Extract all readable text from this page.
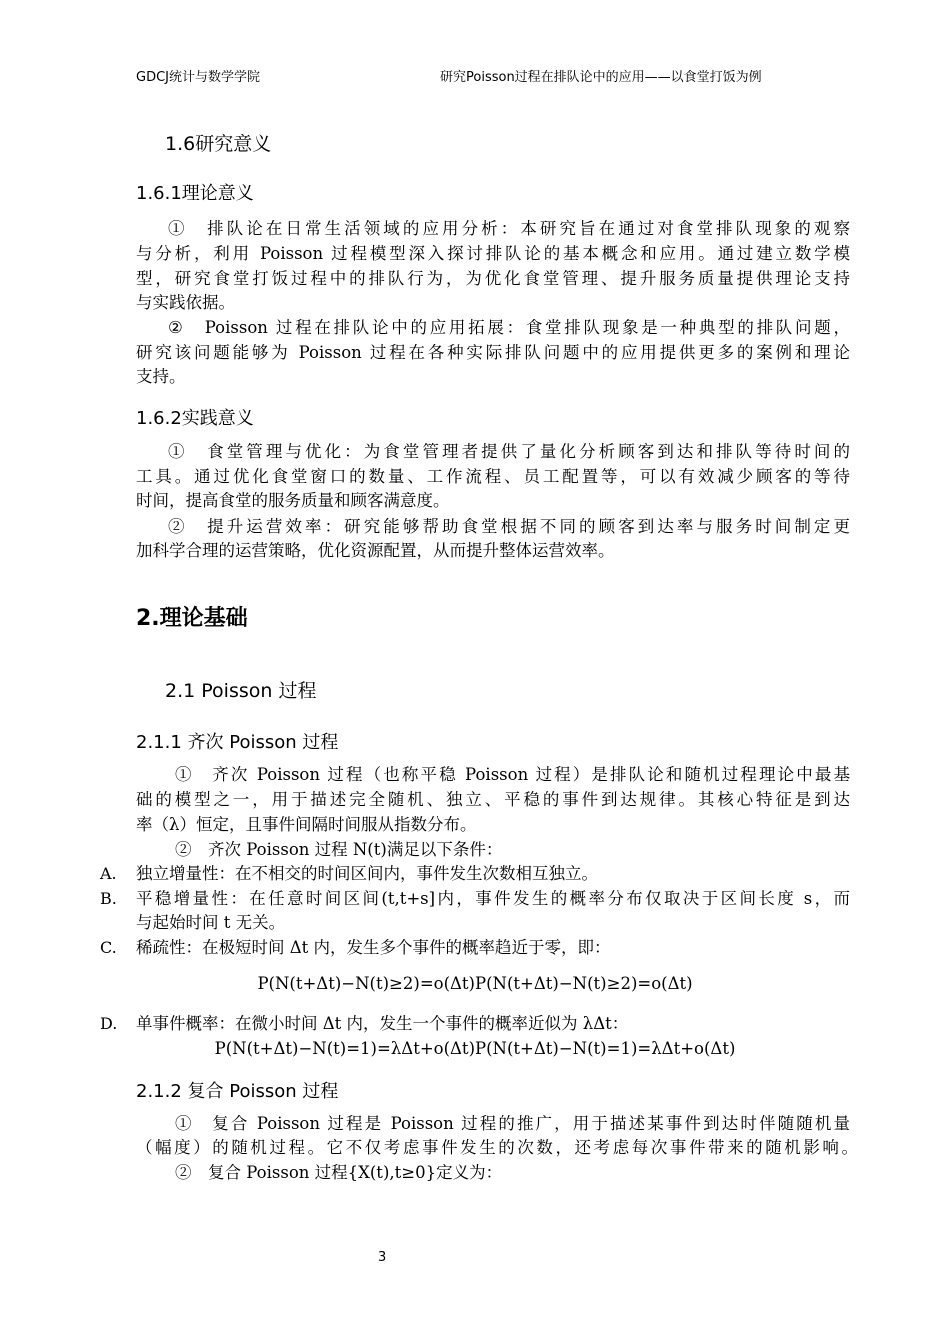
GDCJ统计与数学学院	研究Poisson过程在排队论中的应用——以食堂打饭为例
1.6研究意义
1.6.1理论意义
①　排队论在日常生活领域的应用分析：本研究旨在通过对食堂排队现象的观察
与分析，利用 Poisson 过程模型深入探讨排队论的基本概念和应用。通过建立数学模
型，研究食堂打饭过程中的排队行为，为优化食堂管理、提升服务质量提供理论支持
与实践依据。
②　Poisson 过程在排队论中的应用拓展：食堂排队现象是一种典型的排队问题，
研究该问题能够为 Poisson 过程在各种实际排队问题中的应用提供更多的案例和理论
支持。
1.6.2实践意义
①　食堂管理与优化：为食堂管理者提供了量化分析顾客到达和排队等待时间的
工具。通过优化食堂窗口的数量、工作流程、员工配置等，可以有效减少顾客的等待
时间，提高食堂的服务质量和顾客满意度。
②　提升运营效率：研究能够帮助食堂根据不同的顾客到达率与服务时间制定更
加科学合理的运营策略，优化资源配置，从而提升整体运营效率。
2.理论基础
2.1 Poisson 过程
2.1.1 齐次 Poisson 过程
①　齐次 Poisson 过程（也称平稳 Poisson 过程）是排队论和随机过程理论中最基
础的模型之一，用于描述完全随机、独立、平稳的事件到达规律。其核心特征是到达
率（λ）恒定，且事件间隔时间服从指数分布。
②　齐次 Poisson 过程 N(t)满足以下条件：
A. 独立增量性：在不相交的时间区间内，事件发生次数相互独立。
B. 平稳增量性：在任意时间区间(t,t+s]内，事件发生的概率分布仅取决于区间长度 s，而
与起始时间 t 无关。
C. 稀疏性：在极短时间 Δt 内，发生多个事件的概率趋近于零，即：
P(N(t+Δt)−N(t)≥2)=o(Δt)P(N(t+Δt)−N(t)≥2)=o(Δt)
D. 单事件概率：在微小时间 Δt 内，发生一个事件的概率近似为 λΔt：
P(N(t+Δt)−N(t)=1)=λΔt+o(Δt)P(N(t+Δt)−N(t)=1)=λΔt+o(Δt)
2.1.2 复合 Poisson 过程
①　复合 Poisson 过程是 Poisson 过程的推广，用于描述某事件到达时伴随随机量
（幅度）的随机过程。它不仅考虑事件发生的次数，还考虑每次事件带来的随机影响。
②　复合 Poisson 过程{X(t),t≥0}定义为：
3
